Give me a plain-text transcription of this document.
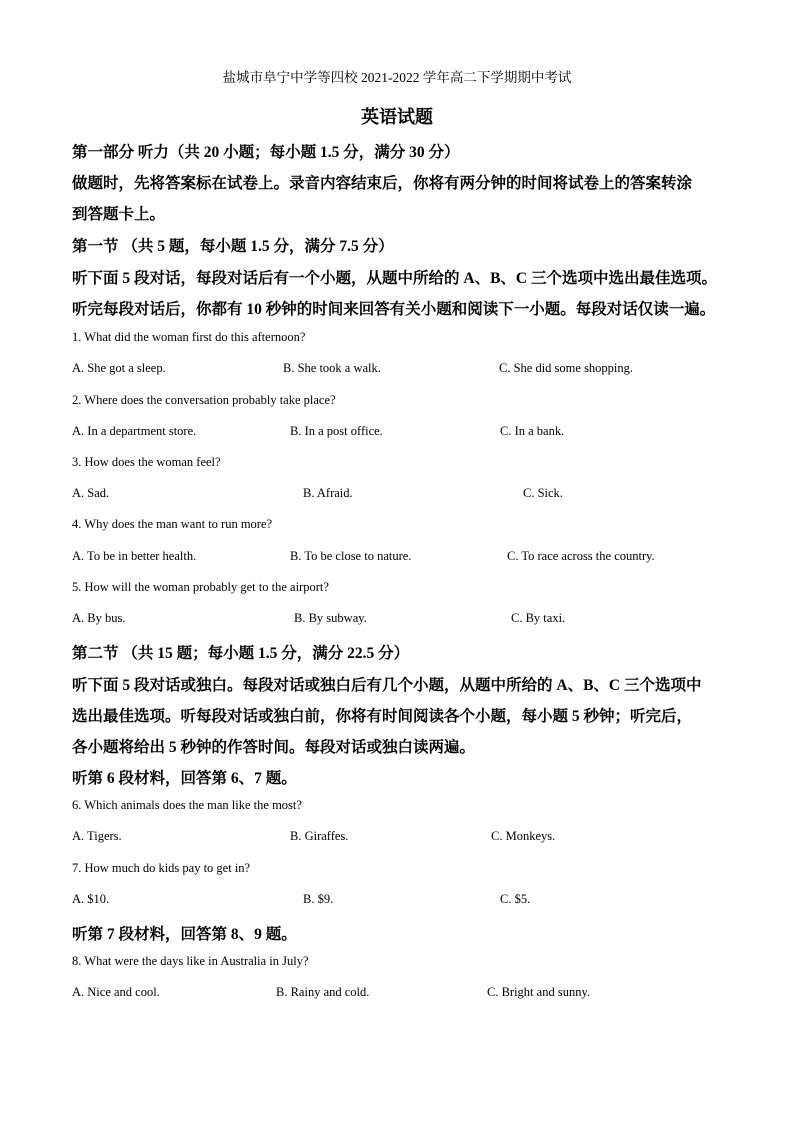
盐城市阜宁中学等四校 2021-2022 学年高二下学期期中考试
英语试题
第一部分 听力（共 20 小题；每小题 1.5 分，满分 30 分）
做题时，先将答案标在试卷上。录音内容结束后，你将有两分钟的时间将试卷上的答案转涂
到答题卡上。
第一节 （共 5 题，每小题 1.5 分，满分 7.5 分）
听下面 5 段对话，每段对话后有一个小题，从题中所给的 A、B、C 三个选项中选出最佳选项。
听完每段对话后，你都有 10 秒钟的时间来回答有关小题和阅读下一小题。每段对话仅读一遍。
1. What did the woman first do this afternoon?
A. She got a sleep.	B. She took a walk.	C. She did some shopping.
2. Where does the conversation probably take place?
A. In a department store.	B. In a post office.	C. In a bank.
3. How does the woman feel?
A. Sad.	B. Afraid.	C. Sick.
4. Why does the man want to run more?
A. To be in better health.	B. To be close to nature.	C. To race across the country.
5. How will the woman probably get to the airport?
A. By bus.	B. By subway.	C. By taxi.
第二节 （共 15 题；每小题 1.5 分，满分 22.5 分）
听下面 5 段对话或独白。每段对话或独白后有几个小题，从题中所给的 A、B、C 三个选项中
选出最佳选项。听每段对话或独白前，你将有时间阅读各个小题，每小题 5 秒钟；听完后，
各小题将给出 5 秒钟的作答时间。每段对话或独白读两遍。
听第 6 段材料，回答第 6、7 题。
6. Which animals does the man like the most?
A. Tigers.	B. Giraffes.	C. Monkeys.
7. How much do kids pay to get in?
A. $10.	B. $9.	C. $5.
听第 7 段材料，回答第 8、9 题。
8. What were the days like in Australia in July?
A. Nice and cool.	B. Rainy and cold.	C. Bright and sunny.
